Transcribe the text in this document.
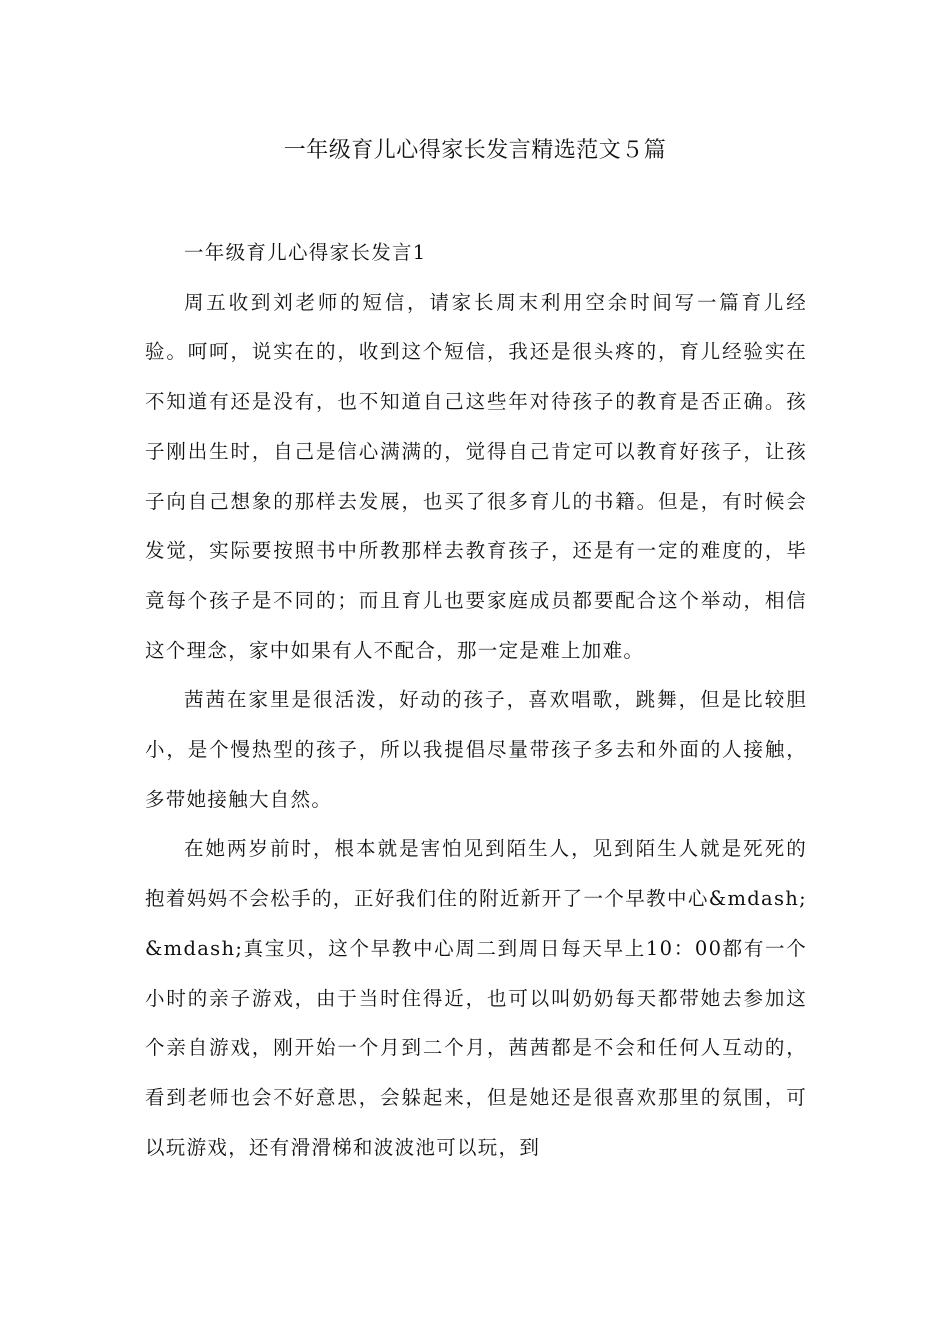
一年级育儿心得家长发言精选范文５篇

一年级育儿心得家长发言1

周五收到刘老师的短信，请家长周末利用空余时间写一篇育儿经验。呵呵，说实在的，收到这个短信，我还是很头疼的，育儿经验实在不知道有还是没有，也不知道自己这些年对待孩子的教育是否正确。孩子刚出生时，自己是信心满满的，觉得自己肯定可以教育好孩子，让孩子向自己想象的那样去发展，也买了很多育儿的书籍。但是，有时候会发觉，实际要按照书中所教那样去教育孩子，还是有一定的难度的，毕竟每个孩子是不同的；而且育儿也要家庭成员都要配合这个举动，相信这个理念，家中如果有人不配合，那一定是难上加难。

茜茜在家里是很活泼，好动的孩子，喜欢唱歌，跳舞，但是比较胆小，是个慢热型的孩子，所以我提倡尽量带孩子多去和外面的人接触，多带她接触大自然。

在她两岁前时，根本就是害怕见到陌生人，见到陌生人就是死死的抱着妈妈不会松手的，正好我们住的附近新开了一个早教中心&mdash;&mdash;真宝贝，这个早教中心周二到周日每天早上10：00都有一个小时的亲子游戏，由于当时住得近，也可以叫奶奶每天都带她去参加这个亲自游戏，刚开始一个月到二个月，茜茜都是不会和任何人互动的，看到老师也会不好意思，会躲起来，但是她还是很喜欢那里的氛围，可以玩游戏，还有滑滑梯和波波池可以玩，到
